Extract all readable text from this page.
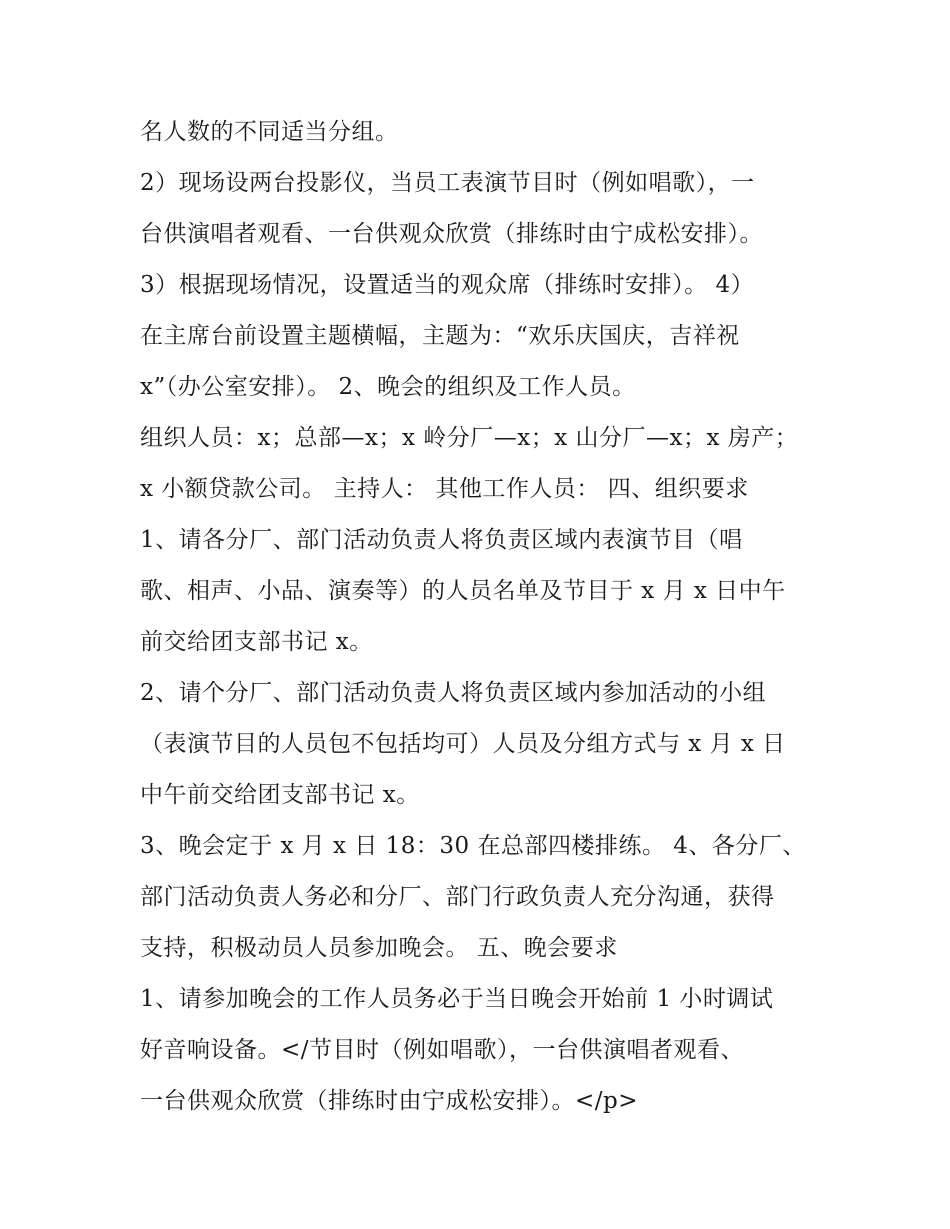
名人数的不同适当分组。
2）现场设两台投影仪，当员工表演节目时（例如唱歌），一
台供演唱者观看、一台供观众欣赏（排练时由宁成松安排）。
3）根据现场情况，设置适当的观众席（排练时安排）。 4）
在主席台前设置主题横幅，主题为：“欢乐庆国庆，吉祥祝
x”（办公室安排）。 2、晚会的组织及工作人员。
组织人员：x；总部—x；x 岭分厂—x；x 山分厂—x；x 房产；
x 小额贷款公司。 主持人： 其他工作人员： 四、组织要求
1、请各分厂、部门活动负责人将负责区域内表演节目（唱
歌、相声、小品、演奏等）的人员名单及节目于 x 月 x 日中午
前交给团支部书记 x。
2、请个分厂、部门活动负责人将负责区域内参加活动的小组
（表演节目的人员包不包括均可）人员及分组方式与 x 月 x 日
中午前交给团支部书记 x。
3、晚会定于 x 月 x 日 18：30 在总部四楼排练。 4、各分厂、
部门活动负责人务必和分厂、部门行政负责人充分沟通，获得
支持，积极动员人员参加晚会。 五、晚会要求
1、请参加晚会的工作人员务必于当日晚会开始前 1 小时调试
好音响设备。</节目时（例如唱歌），一台供演唱者观看、
一台供观众欣赏（排练时由宁成松安排）。</p>
